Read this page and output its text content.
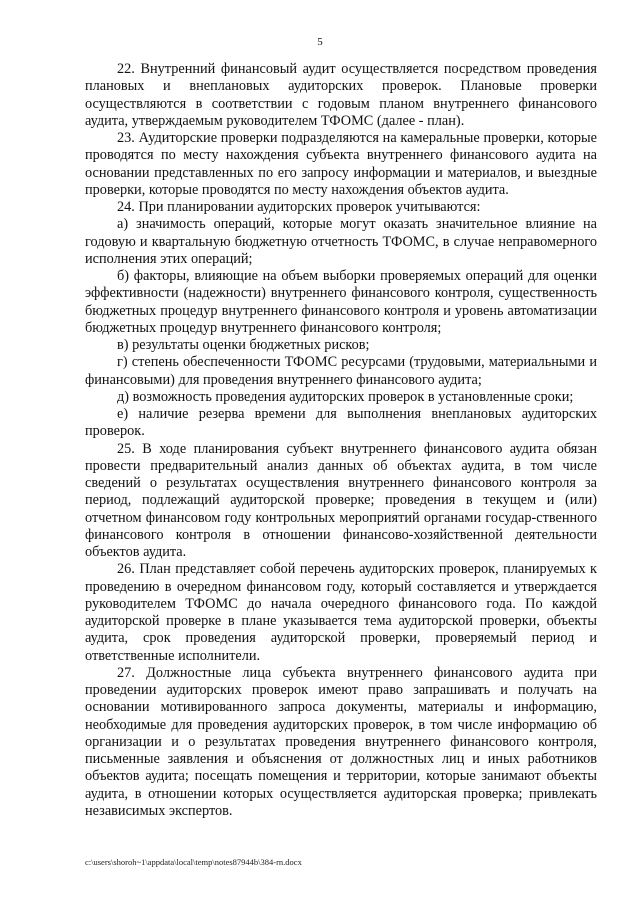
5

22. Внутренний финансовый аудит осуществляется посредством проведения плановых и внеплановых аудиторских проверок. Плановые проверки осуществляются в соответствии с годовым планом внутреннего финансового аудита, утверждаемым руководителем ТФОМС (далее - план).

23. Аудиторские проверки подразделяются на камеральные проверки, которые проводятся по месту нахождения субъекта внутреннего финансового аудита на основании представленных по его запросу информации и материалов, и выездные проверки, которые проводятся по месту нахождения объектов аудита.

24. При планировании аудиторских проверок учитываются:

а) значимость операций, которые могут оказать значительное влияние на годовую и квартальную бюджетную отчетность ТФОМС, в случае неправомерного исполнения этих операций;

б) факторы, влияющие на объем выборки проверяемых операций для оценки эффективности (надежности) внутреннего финансового контроля, существенность бюджетных процедур внутреннего финансового контроля и уровень автоматизации бюджетных процедур внутреннего финансового контроля;

в) результаты оценки бюджетных рисков;

г) степень обеспеченности ТФОМС ресурсами (трудовыми, материальными и финансовыми) для проведения внутреннего финансового аудита;

д) возможность проведения аудиторских проверок в установленные сроки;

е) наличие резерва времени для выполнения внеплановых аудиторских проверок.

25. В ходе планирования субъект внутреннего финансового аудита обязан провести предварительный анализ данных об объектах аудита, в том числе сведений о результатах осуществления внутреннего финансового контроля за период, подлежащий аудиторской проверке; проведения в текущем и (или) отчетном финансовом году контрольных мероприятий органами государ-ственного финансового контроля в отношении финансово-хозяйственной деятельности объектов аудита.

26. План представляет собой перечень аудиторских проверок, планируемых к проведению в очередном финансовом году, который составляется и утверждается руководителем ТФОМС до начала очередного финансового года. По каждой аудиторской проверке в плане указывается тема аудиторской проверки, объекты аудита, срок проведения аудиторской проверки, проверяемый период и ответственные исполнители.

27. Должностные лица субъекта внутреннего финансового аудита при проведении аудиторских проверок имеют право запрашивать и получать на основании мотивированного запроса документы, материалы и информацию, необходимые для проведения аудиторских проверок, в том числе информацию об организации и о результатах проведения внутреннего финансового контроля, письменные заявления и объяснения от должностных лиц и иных работников объектов аудита; посещать помещения и территории, которые занимают объекты аудита, в отношении которых осуществляется аудиторская проверка; привлекать независимых экспертов.

c:\users\shoroh~1\appdata\local\temp\notes87944b\384-rn.docx
